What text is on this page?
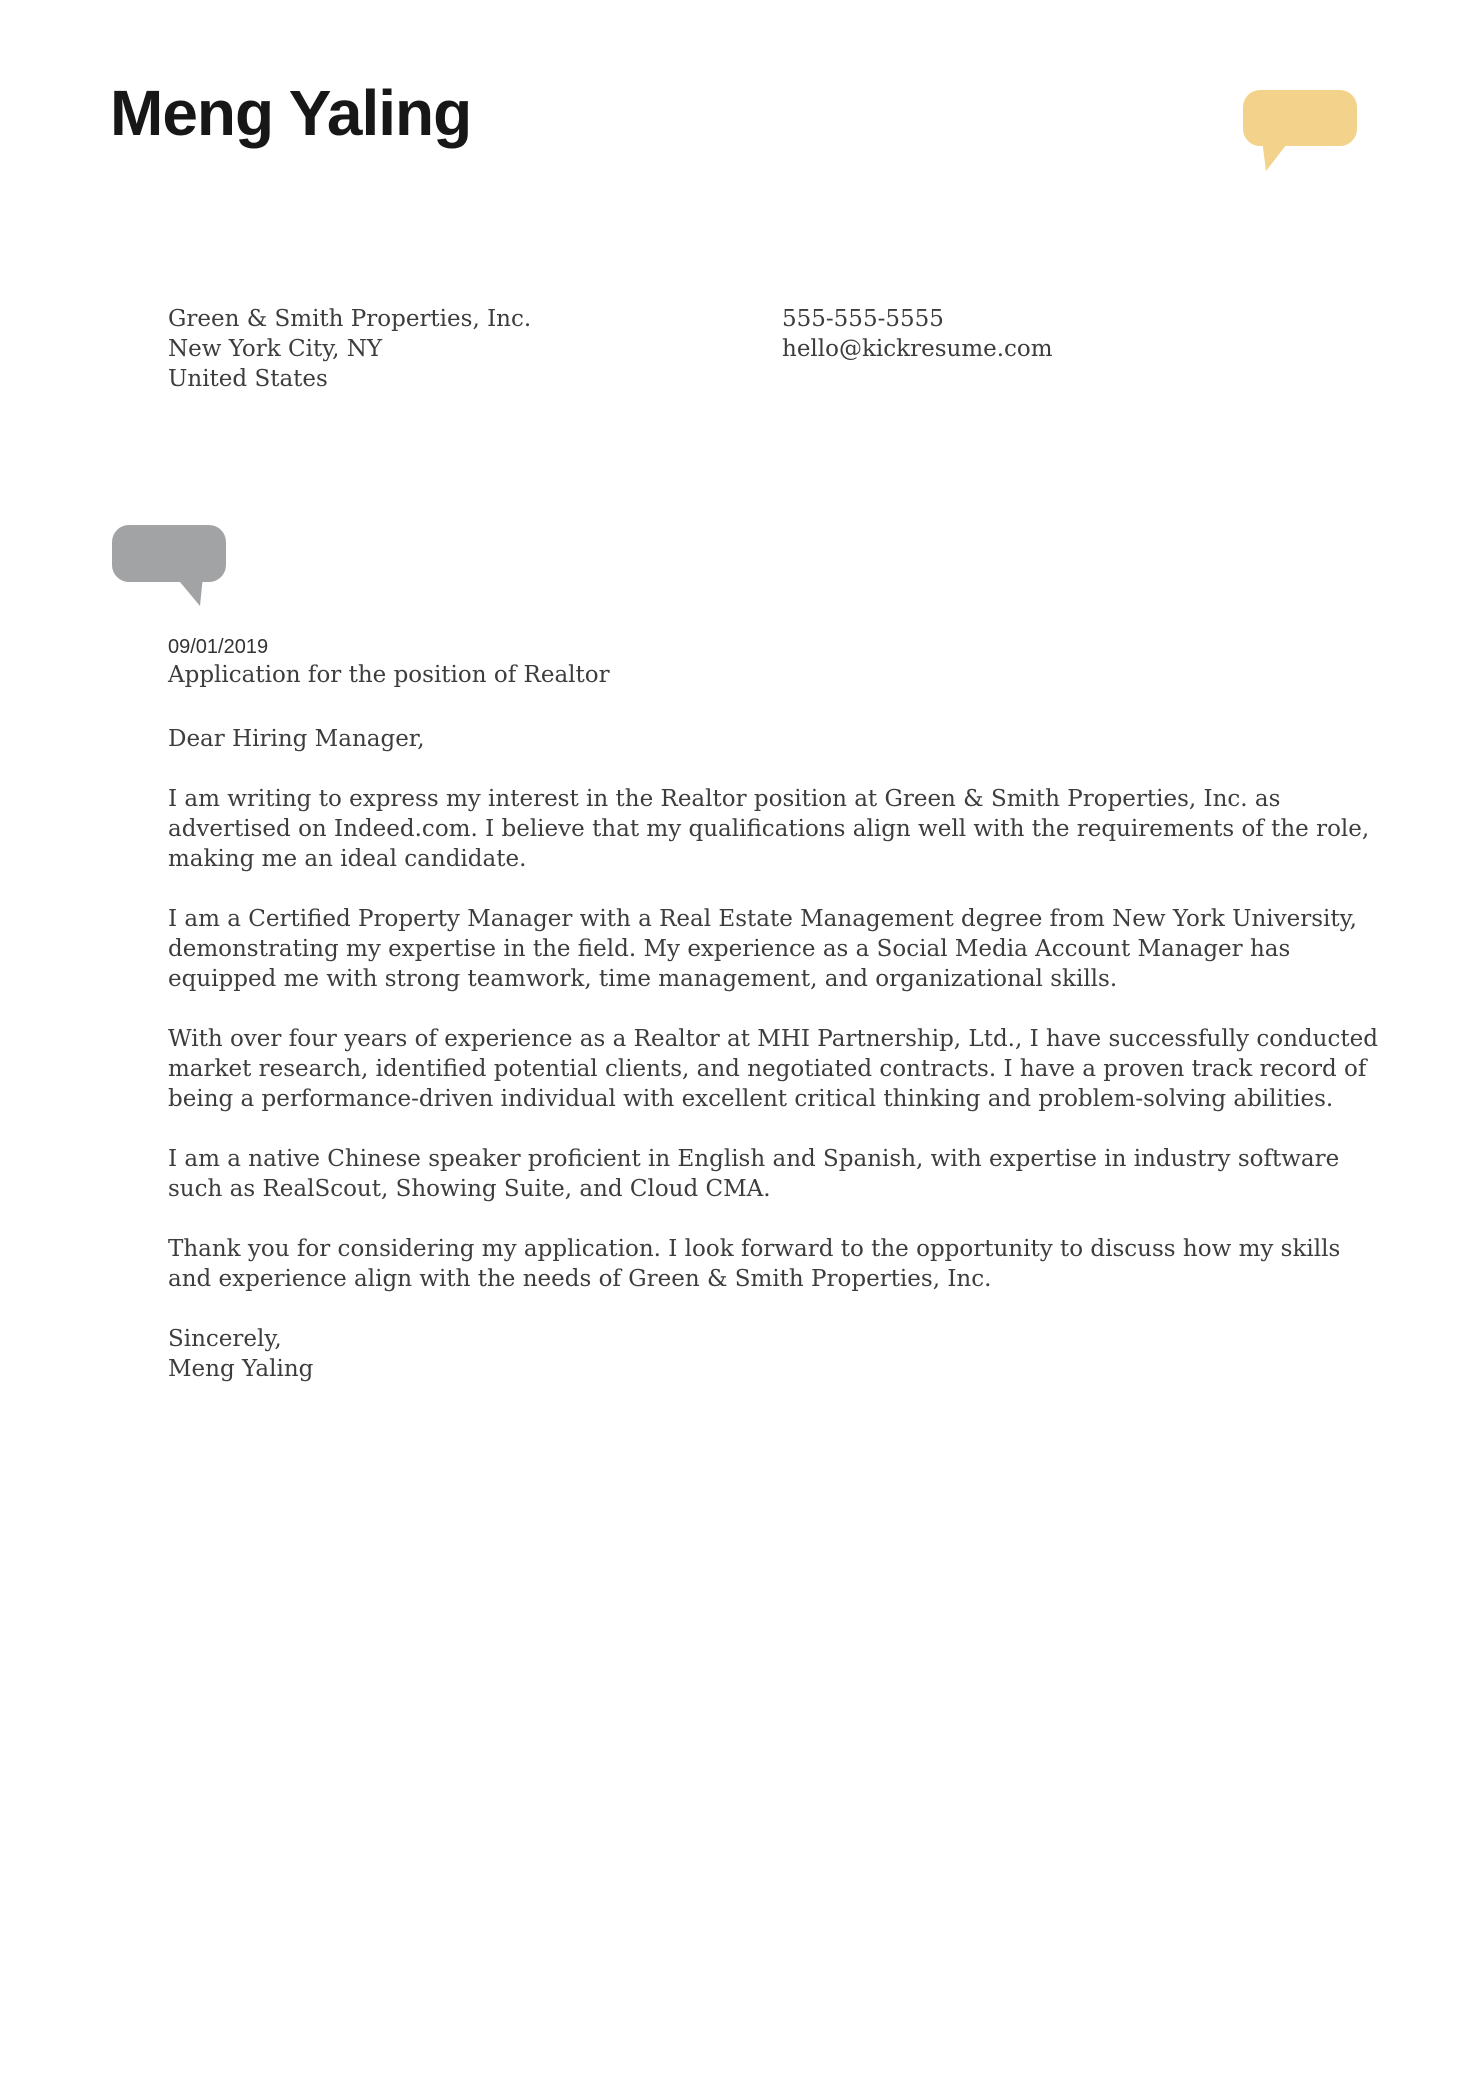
Meng Yaling
Green & Smith Properties, Inc.
New York City, NY
United States
555-555-5555
hello@kickresume.com
09/01/2019
Application for the position of Realtor

Dear Hiring Manager,

I am writing to express my interest in the Realtor position at Green & Smith Properties, Inc. as advertised on Indeed.com. I believe that my qualifications align well with the requirements of the role, making me an ideal candidate.

I am a Certified Property Manager with a Real Estate Management degree from New York University, demonstrating my expertise in the field. My experience as a Social Media Account Manager has equipped me with strong teamwork, time management, and organizational skills.

With over four years of experience as a Realtor at MHI Partnership, Ltd., I have successfully conducted market research, identified potential clients, and negotiated contracts. I have a proven track record of being a performance-driven individual with excellent critical thinking and problem-solving abilities.

I am a native Chinese speaker proficient in English and Spanish, with expertise in industry software such as RealScout, Showing Suite, and Cloud CMA.

Thank you for considering my application. I look forward to the opportunity to discuss how my skills and experience align with the needs of Green & Smith Properties, Inc.

Sincerely,
Meng Yaling
